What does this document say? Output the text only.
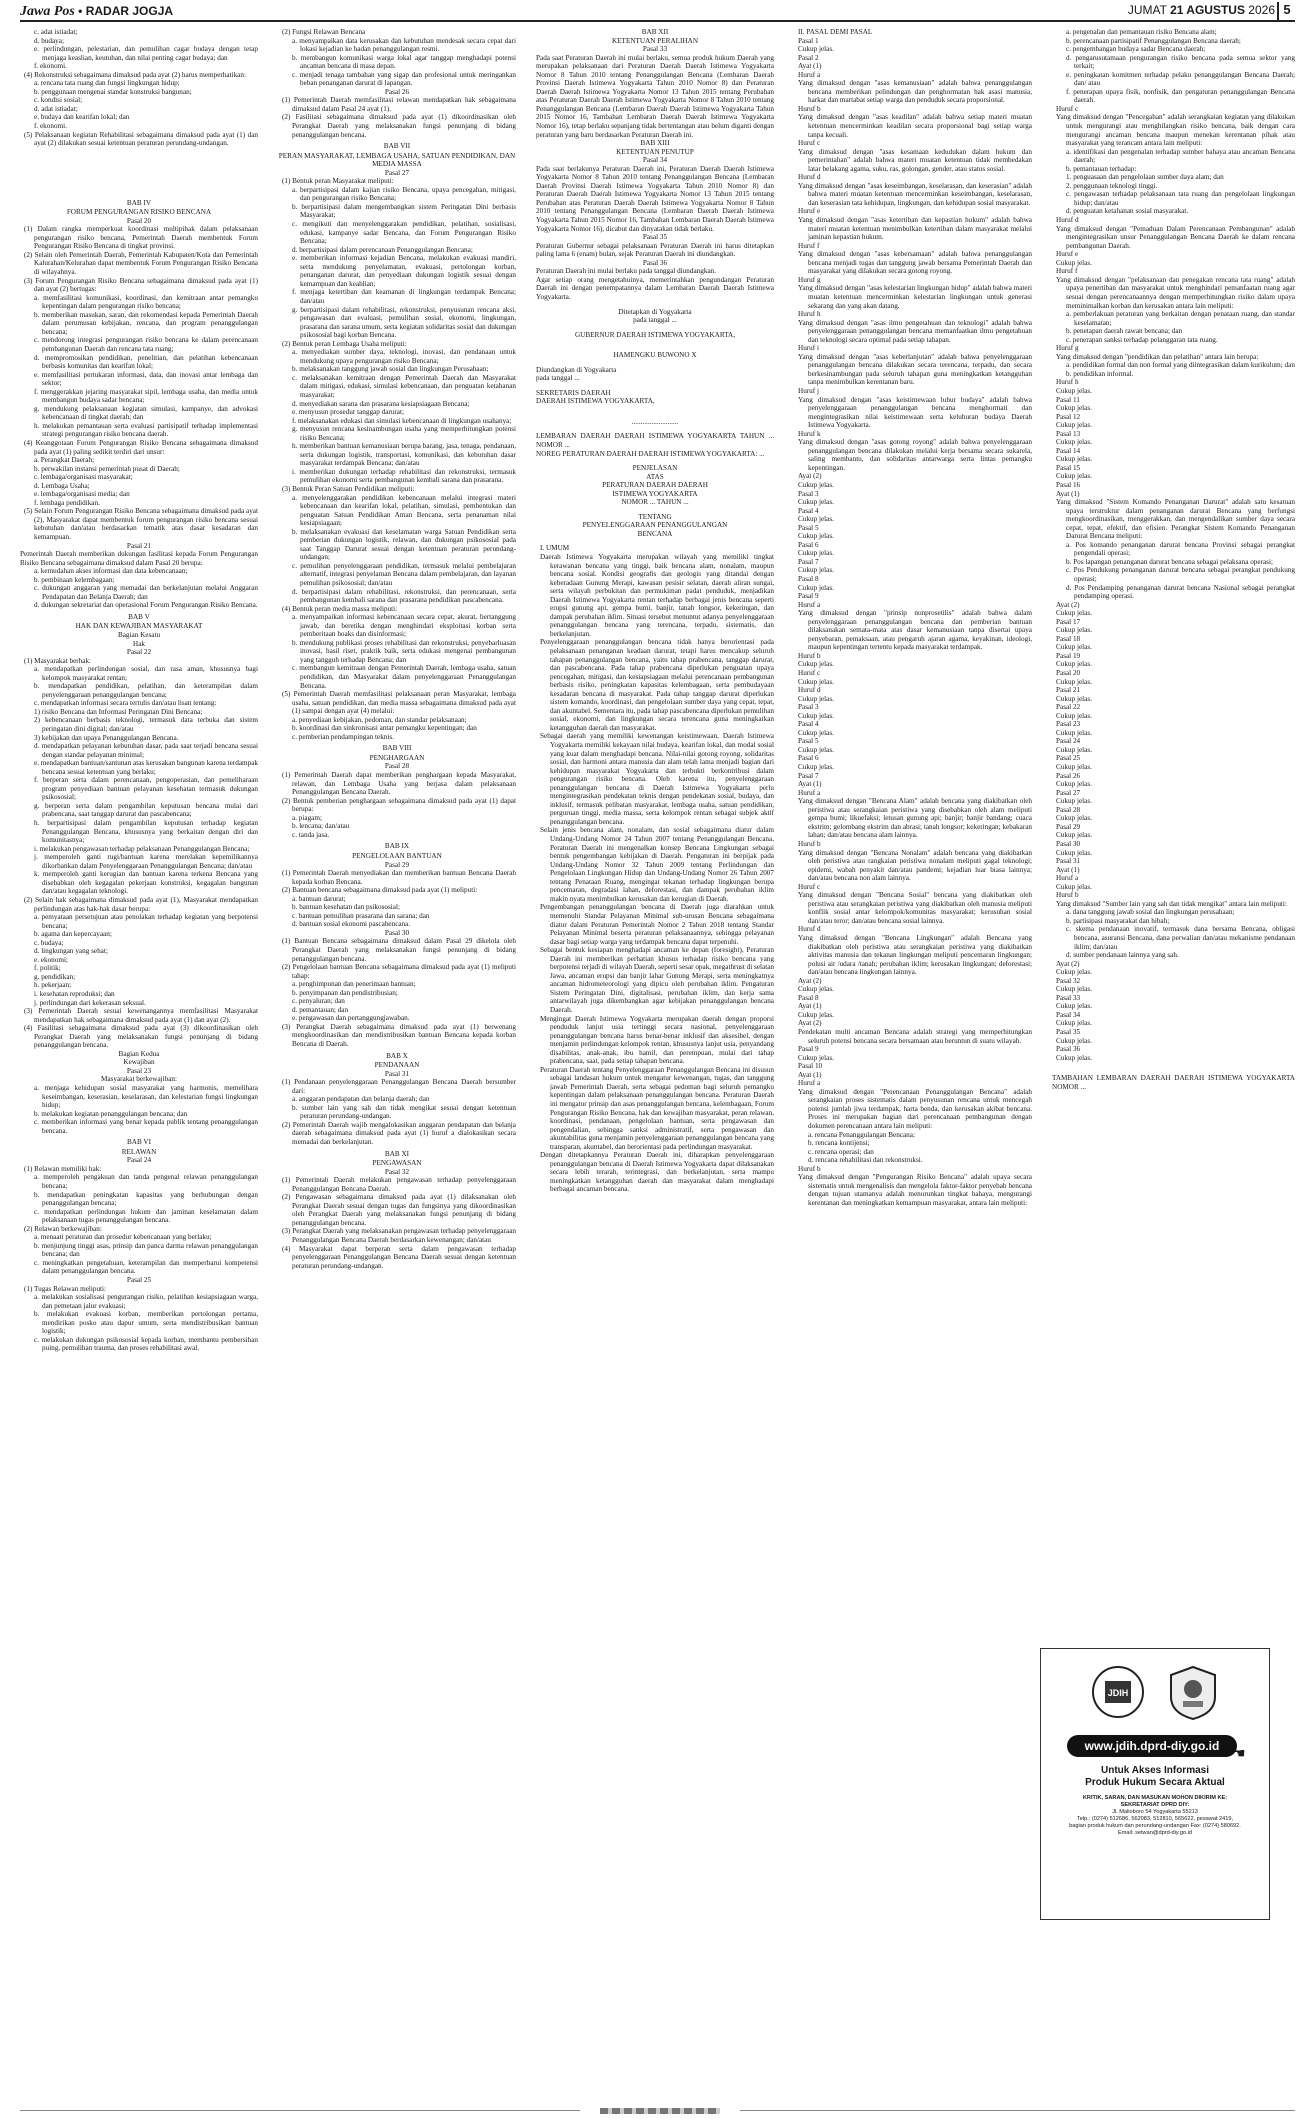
Jawa Pos • RADAR JOGJA	JUMAT 21 AGUSTUS 2026 5

c. adat istiadat;

d. budaya;

e. perlindungan, pelestarian, dan pemulihan cagar budaya dengan tetap menjaga keaslian, keutuhan, dan nilai penting cagar budaya; dan

f. ekonomi.

(4) Rekonstruksi sebagaimana dimaksud pada ayat (2) harus memperhatikan:

a. rencana tata ruang dan fungsi lingkungan hidup;

b. penggunaan mengenai standar konstruksi bangunan;

c. kondisi sosial;

d. adat istiadat;

e. budaya dan kearifan lokal; dan

f. ekonomi.

(5) Pelaksanaan kegiatan Rehabilitasi sebagaimana dimaksud pada ayat (1) dan ayat (2) dilakukan sesuai ketentuan peraturan perundang-undangan.

BAB IV

FORUM PENGURANGAN RISIKO BENCANA

Pasal 20

(1) Dalam rangka memperkuat koordinasi multipihak dalam pelaksanaan pengurangan risiko bencana, Pemerintah Daerah membentuk Forum Pengurangan Risiko Bencana di tingkat provinsi.

(2) Selain oleh Pemerintah Daerah, Pemerintah Kabupaten/Kota dan Pemerintah Kalurahan/Kelurahan dapat membentuk Forum Pengurangan Risiko Bencana di wilayahnya.

(3) Forum Pengurangan Risiko Bencana sebagaimana dimaksud pada ayat (1) dan ayat (2) bertugas:

a. memfasilitasi komunikasi, koordinasi, dan kemitraan antar pemangku kepentingan dalam pengurangan risiko bencana;

b. memberikan masukan, saran, dan rekomendasi kepada Pemerintah Daerah dalam perumusan kebijakan, rencana, dan program penanggulangan bencana;

c. mendorong integrasi pengurangan risiko bencana ke dalam perencanaan pembangunan Daerah dan rencana tata ruang;

d. mempromosikan pendidikan, penelitian, dan pelatihan kebencanaan berbasis komunitas dan kearifan lokal;

e. memfasilitasi pertukaran informasi, data, dan inovasi antar lembaga dan sektor;

f. menggerakkan jejaring masyarakat sipil, lembaga usaha, dan media untuk membangun budaya sadar bencana;

g. mendukung pelaksanaan kegiatan simulasi, kampanye, dan advokasi kebencanaan di tingkat daerah; dan

h. melakukan pemantauan serta evaluasi partisipatif terhadap implementasi strategi pengurangan risiko bencana daerah.

(4) Keanggotaan Forum Pengurangan Risiko Bencana sebagaimana dimaksud pada ayat (1) paling sedikit terdiri dari unsur:

a. Perangkat Daerah;

b. perwakilan instansi pemerintah pusat di Daerah;

c. lembaga/organisasi masyarakat;

d. Lembaga Usaha;

e. lembaga/organisasi media; dan

f. lembaga pendidikan.

(5) Selain Forum Pengurangan Risiko Bencana sebagaimana dimaksud pada ayat (2), Masyarakat dapat membentuk forum pengurangan risiko bencana sesuai kebutuhan dan/atau berdasarkan tematik atas dasar kesadaran dan kemampuan.

Pasal 21

Pemerintah Daerah memberikan dukungan fasilitasi kepada Forum Pengurangan Risiko Bencana sebagaimana dimaksud dalam Pasal 20 berupa:

a. kemudahan akses informasi dan data kebencanaan;

b. pembinaan kelembagaan;

c. dukungan anggaran yang memadai dan berkelanjutan melalui Anggaran Pendapatan dan Belanja Daerah; dan

d. dukungan sekretariat dan operasional Forum Pengurangan Risiko Bencana.

BAB V

HAK DAN KEWAJIBAN MASYARAKAT

Bagian Kesatu

Hak

Pasal 22

(1) Masyarakat berhak:

a. mendapatkan perlindungan sosial, dan rasa aman, khususnya bagi kelompok masyarakat rentan;

b. mendapatkan pendidikan, pelatihan, dan keterampilan dalam penyelenggaraan penanggulangan bencana;

c. mendapatkan informasi secara tertulis dan/atau lisan tentang:

1) risiko Bencana dan Informasi Peringatan Dini Bencana;

2) kebencanaan berbasis teknologi, termasuk data terbuka dan sistem peringatan dini digital; dan/atau

3) kebijakan dan upaya Penanggulangan Bencana.

d. mendapatkan pelayanan kebutuhan dasar, pada saat terjadi bencana sesuai dengan standar pelayanan minimal;

e. mendapatkan bantuan/santunan atas kerusakan bangunan karena terdampak bencana sesuai ketentuan yang berlaku;

f. berperan serta dalam perencanaan, pengoperasian, dan pemeliharaan program penyediaan bantuan pelayanan kesehatan termasuk dukungan psikososial;

g. berperan serta dalam pengambilan keputusan bencana mulai dari prabencana, saat tanggap darurat dan pascabencana;

h. berpartisipasi dalam pengambilan keputusan terhadap kegiatan Penanggulangan Bencana, khususnya yang berkaitan dengan diri dan komunitasnya;

i. melakukan pengawasan terhadap pelaksanaan Penanggulangan Bencana;

j. memperoleh ganti rugi/bantuan karena merelakan kepemilikannya dikorbankan dalam Penyelenggaraan Penanggulangan Bencana; dan/atau

k. memperoleh ganti kerugian dan bantuan karena terkena Bencana yang disebabkan oleh kegagalan pekerjaan konstruksi, kegagalan bangunan dan/atau kegagalan teknologi.

(2) Selain hak sebagaimana dimaksud pada ayat (1), Masyarakat mendapatkan perlindungan atas hak-hak dasar berupa:

a. pemyataan persetujuan atau penolakan terhadap kegiatan yang berpotensi bencana;

b. agama dan kepercayaan;

c. budaya;

d. lingkungan yang sehat;

e. ekonomi;

f. politik;

g. pendidikan;

h. pekerjaan;

i. kesehatan reproduksi; dan

j. perlindungan dari kekerasan seksual.

(3) Pemerintah Daerah sesuai kewenangannya memfasilitasi Masyarakat mendapatkan hak sebagaimana dimaksud pada ayat (1) dan ayat (2).

(4) Fasilitasi sebagaimana dimaksud pada ayat (3) dikoordinasikan oleh Perangkat Daerah yang melaksanakan fungsi penunjang di bidang penanggulangan bencana.

Bagian Kedua

Kewajiban

Pasal 23

Masyarakat berkewajiban:

a. menjaga kehidupan sosial masyarakat yang harmonis, memelihara keseimbangan, keserasian, keselarasan, dan kelestarian fungsi lingkungan hidup;

b. melakukan kegiatan penanggulangan bencana; dan

c. memberikan informasi yang benar kepada publik tentang penanggulangan bencana.

BAB VI

RELAWAN

Pasal 24

(1) Relawan memiliki hak:

a. memperoleh pengakuan dan tanda pengenal relawan penanggulangan bencana;

b. mendapatkan peningkatan kapasitas yang berhubungan dengan penanggulangan bencana;

c. mendapatkan perlindungan hukum dan jaminan keselamatan dalam pelaksanaan tugas penanggulangan bencana.

(2) Relawan berkewajiban:

a. menaati peraturan dan prosedur kebencanaan yang berlaku;

b. menjunjung tinggi asas, prinsip dan panca darma relawan penanggulangan bencana; dan

c. meningkatkan pengetahuan, keterampilan dan memperbarui kompetensi dalam penanggulangan bencana.

Pasal 25

(1) Tugas Relawan meliputi:

a. melakukan sosialisasi pengurangan risiko, pelatihan kesiapsiagaan warga, dan pemetaan jalur evakuasi;

b. melakukan evakuasi korban, memberikan pertolongan pertama, mendirikan posko atau dapur umum, serta mendistribusikan bantuan logistik;

c. melakukan dukungan psikososial kepada korban, membantu pembersihan puing, pemulihan trauma, dan proses rehabilitasi awal.

(2) Fungsi Relawan Bencana

a. menyampaikan data kerusakan dan kebutuhan mendesak secara cepat dari lokasi kejadian ke badan penanggulangan resmi.

b. membangun komunikasi warga lokal agar tanggap menghadapi potensi ancaman bencana di masa depan.

c. menjadi tenaga tambahan yang sigap dan profesional untuk meringankan beban penanganan darurat di lapangan.

Pasal 26

(1) Pemerintah Daerah memfasilitasi relawan mendapatkan hak sebagaimana dimaksud dalam Pasal 24 ayat (1).

(2) Fasilitasi sebagaimana dimaksud pada ayat (1) dikoordinasikan oleh Perangkat Daerah yang melaksanakan fungsi penunjang di bidang penanggulangan bencana.

BAB VII

PERAN MASYARAKAT, LEMBAGA USAHA, SATUAN PENDIDIKAN, DAN MEDIA MASSA

Pasal 27

(1) Bentuk peran Masyarakat meliputi:

a. berpartisipasi dalam kajian risiko Bencana, upaya pencegahan, mitigasi, dan pengurangan risiko Bencana;

b. berpartisipasi dalam mengembangkan sistem Peringatan Dini berbasis Masyarakat;

c. mengikuti dan menyelenggarakan pendidikan, pelatihan, sosialisasi, edukasi, kampanye sadar Bencana, dan Forum Pengurangan Risiko Bencana;

d. berpartisipasi dalam perencanaan Penanggulangan Bencana;

e. memberikan informasi kejadian Bencana, melakukan evakuasi mandiri, serta mendukung penyelamatan, evakuasi, pertolongan korban, penanganan darurat, dan penyediaan dukungan logistik sesuai dengan kemampuan dan keahlian;

f. menjaga ketertiban dan keamanan di lingkungan terdampak Bencana; dan/atau

g. berpartisipasi dalam rehabilitasi, rekonstruksi, penyusunan rencana aksi, pengawasan dan evaluasi, pemulihan sosial, ekonomi, lingkungan, prasarana dan sarana umum, serta kegiatan solidaritas sosial dan dukungan psikososial bagi korban Bencana.

(2) Bentuk peran Lembaga Usaha meliputi:

a. menyediakan sumber daya, teknologi, inovasi, dan pendanaan untuk mendukung upaya pengurangan risiko Bencana;

b. melaksanakan tanggung jawab sosial dan lingkungan Perusahaan;

c. melaksanakan kemitraan dengan Pemerintah Daerah dan Masyarakat dalam mitigasi, edukasi, simulasi kebencanaan, dan penguatan ketahanan masyarakat;

d. menyediakan sarana dan prasarana kesiapsiagaan Bencana;

e. menyusun prosedur tanggap darurat;

f. melaksanakan edukasi dan simulasi kebencanaan di lingkungan usahanya;

g. menyusun rencana kesinambungan usaha yang memperhitungkan potensi risiko Bencana;

h. memberikan bantuan kemanusiaan berupa barang, jasa, tenaga, pendanaan, serta dukungan logistik, transportasi, komunikasi, dan kebutuhan dasar masyarakat terdampak Bencana; dan/atau

i. memberikan dukungan terhadap rehabilitasi dan rekonstruksi, termasuk pemulihan ekonomi serta pembangunan kembali sarana dan prasarana.

(3) Bentuk Peran Satuan Pendidikan meliputi:

a. menyelenggarakan pendidikan kebencanaan melalui integrasi materi kebencanaan dan kearifan lokal, pelatihan, simulasi, pembentukan dan penguatan Satuan Pendidikan Aman Bencana, serta penanaman nilai kesiapsiagaan;

b. melaksanakan evakuasi dan keselamatan warga Satuan Pendidikan serta pemberian dukungan logistik, relawan, dan dukungan psikososial pada saat Tanggap Darurat sesuai dengan ketentuan peraturan perundang-undangan;

c. pemulihan penyelenggaraan pendidikan, termasuk melalui pembelajaran alternatif, integrasi penyelaman Bencana dalam pembelajaran, dan layanan pemulihan psikososial; dan/atau

d. berpartisipasi dalam rehabilitasi, rekonstruksi, dan perencanaan, serta pembangunan kembali sarana dan prasarana pendidikan pascabencana.

(4) Bentuk peran media massa meliputi:

a. menyampaikan informasi kebencanaan secara cepat, akurat, bertanggung jawab, dan beretika dengan menghindari eksploitasi korban serta pemberitaan hoaks dan disinformasi;

b. mendukung publikasi proses rehabilitasi dan rekonstruksi, penyebarluasan inovasi, hasil riset, praktik baik, serta edukasi mengenai pembangunan yang tangguh terhadap Bencana; dan

c. membangun kemitraan dengan Pemerintah Daerah, lembaga usaha, satuan pendidikan, dan Masyarakat dalam penyelenggaraan Penanggulangan Bencana.

(5) Pemerintah Daerah memfasilitasi pelaksanaan peran Masyarakat, lembaga usaha, satuan pendidikan, dan media massa sebagaimana dimaksud pada ayat (1) sampai dengan ayat (4) melalui:

a. penyediaan kebijakan, pedoman, dan standar pelaksanaan;

b. koordinasi dan sinkronisasi antar pemangku kepentingan; dan

c. pemberian pendampingan teknis.

BAB VIII

PENGHARGAAN

Pasal 28

(1) Pemerintah Daerah dapat memberikan penghargaan kepada Masyarakat, relawan, dan Lembaga Usaha yang berjasa dalam pelaksanaan Penanggulangan Bencana Daerah.

(2) Bentuk pemberian penghargaan sebagaimana dimaksud pada ayat (1) dapat berupa:

a. piagam;

b. lencana; dan/atau

c. tanda jasa.

BAB IX

PENGELOLAAN BANTUAN

Pasal 29

(1) Pemerintah Daerah menyediakan dan memberikan bantuan Bencana Daerah kepada korban Bencana.

(2) Bantuan bencana sebagaimana dimaksud pada ayat (1) meliputi:

a. bantuan darurat;

b. bantuan kesehatan dan psikososial;

c. bantuan pemulihan prasarana dan sarana; dan

d. bantuan sosial ekonomi pascabencana.

Pasal 30

(1) Bantuan Bencana sebagaimana dimaksud dalam Pasal 29 dikelola oleh Perangkat Daerah yang melaksanakan fungsi penunjang di bidang penanggulangan bencana.

(2) Pengelolaan bantuan Bencana sebagaimana dimaksud pada ayat (1) meliputi tahap:

a. penghimpunan dan penerimaan bantuan;

b. penyimpanan dan pendistribusian;

c. penyaluran; dan

d. pemantauan; dan

e. pengawasan dan pertanggungjawaban.

(3) Perangkat Daerah sebagaimana dimaksud pada ayat (1) berwenang mengkoordinasikan dan mendistribusikan bantuan Bencana kepada korban Bencana di Daerah.

BAB X

PENDANAAN

Pasal 31

(1) Pendanaan penyelenggaraan Penanggulangan Bencana Daerah bersumber dari:

a. anggaran pendapatan dan belanja daerah; dan

b. sumber lain yang sah dan tidak mengikat sesuai dengan ketentuan peraturan perundang-undangan.

(2) Pemerintah Daerah wajib mengalokasikan anggaran pendapatan dan belanja daerah sebagaimana dimaksud pada ayat (1) huruf a dialokasikan secara memadai dan berkelanjutan.

BAB XI

PENGAWASAN

Pasal 32

(1) Pemerintah Daerah melakukan pengawasan terhadap penyelenggaraan Penanggulangan Bencana Daerah.

(2) Pengawasan sebagaimana dimaksud pada ayat (1) dilaksanakan oleh Perangkat Daerah sesuai dengan tugas dan fungsinya yang dikoordinasikan oleh Perangkat Daerah yang melaksanakan fungsi penunjang di bidang penanggulangan bencana.

(3) Perangkat Daerah yang melaksanakan pengawasan terhadap penyelenggaraan Penanggulangan Bencana Daerah berdasarkan kewenangan; dan/atau

(4) Masyarakat dapat berperan serta dalam pengawasan terhadap penyelenggaraan Penanggulangan Bencana Daerah sesuai dengan ketentuan peraturan perundang-undangan.

BAB XII

KETENTUAN PERALIHAN

Pasal 33

Pada saat Peraturan Daerah ini mulai berlaku, semua produk hukum Daerah yang merupakan pelaksanaan dari Peraturan Daerah Daerah Istimewa Yogyakarta Nomor 8 Tahun 2010 tentang Penanggulangan Bencana (Lembaran Daerah Provinsi Daerah Istimewa Yogyakarta Tahun 2010 Nomor 8) dan Peraturan Daerah Daerah Istimewa Yogyakarta Nomor 13 Tahun 2015 tentang Perubahan atas Peraturan Daerah Daerah Istimewa Yogyakarta Nomor 8 Tahun 2010 tentang Penanggulangan Bencana (Lembaran Daerah Daerah Istimewa Yogyakarta Tahun 2015 Nomor 16, Tambahan Lembaran Daerah Daerah Istimewa Yogyakarta Nomor 16), tetap berlaku sepanjang tidak bertentangan atau belum diganti dengan peraturan yang baru berdasarkan Peraturan Daerah ini.

BAB XIII

KETENTUAN PENUTUP

Pasal 34

Pada saat berlakunya Peraturan Daerah ini, Peraturan Daerah Daerah Istimewa Yogyakarta Nomor 8 Tahun 2010 tentang Penanggulangan Bencana (Lembaran Daerah Provinsi Daerah Istimewa Yogyakarta Tahun 2010 Nomor 8) dan Peraturan Daerah Daerah Istimewa Yogyakarta Nomor 13 Tahun 2015 tentang Perubahan atas Peraturan Daerah Daerah Istimewa Yogyakarta Nomor 8 Tahun 2010 tentang Penanggulangan Bencana (Lembaran Daerah Daerah Istimewa Yogyakarta Tahun 2015 Nomor 16, Tambahan Lembaran Daerah Daerah Istimewa Yogyakarta Nomor 16), dicabut dan dinyatakan tidak berlaku.

Pasal 35

Peraturan Gubernur sebagai pelaksanaan Peraturan Daerah ini harus ditetapkan paling lama 6 (enam) bulan, sejak Peraturan Daerah ini diundangkan.

Pasal 36

Peraturan Daerah ini mulai berlaku pada tanggal diundangkan.

Agar setiap orang mengetahuinya, memerintahkan pengundangan Peraturan Daerah ini dengan penempatannya dalam Lembaran Daerah Daerah Istimewa Yogyakarta.

Ditetapkan di Yogyakarta

pada tanggal ...

GUBERNUR DAERAH ISTIMEWA YOGYAKARTA,

HAMENGKU BUWONO X

Diundangkan di Yogyakarta

pada tanggal ...

SEKRETARIS DAERAH

DAERAH ISTIMEWA YOGYAKARTA,

..........................

LEMBARAN DAERAH DAERAH ISTIMEWA YOGYAKARTA TAHUN ... NOMOR ...

NOREG PERATURAN DAERAH DAERAH ISTIMEWA YOGYAKARTA: ...

PENJELASAN

ATAS

PERATURAN DAERAH DAERAH

ISTIMEWA YOGYAKARTA

NOMOR ... TAHUN ...

TENTANG

PENYELENGGARAAN PENANGGULANGAN

BENCANA

I. UMUM

Daerah Istimewa Yogyakarta merupakan wilayah yang memiliki tingkat kerawanan bencana yang tinggi, baik bencana alam, nonalam, maupun bencana sosial. Kondisi geografis dan geologis yang ditandai dengan keberadaan Gunung Merapi, kawasan pesisir selatan, daerah aliran sungai, serta wilayah perbukitan dan permukiman padat penduduk, menjadikan Daerah Istimewa Yogyakarta rentan terhadap berbagai jenis bencana seperti erupsi gunung api, gempa bumi, banjir, tanah longsor, kekeringan, dan dampak perubahan iklim. Situasi tersebut menuntut adanya penyelenggaraan penanggulangan bencana yang terencana, terpadu, sistematis, dan berkelanjutan.

Penyelenggaraan penanggulangan bencana tidak hanya berorientasi pada pelaksanaan penanganan keadaan darurat, tetapi harus mencakup seluruh tahapan penanggulangan bencana, yaitu tahap prabencana, tanggap darurat, dan pascabencana. Pada tahap prabencana diperlukan penguatan upaya pencegahan, mitigasi, dan kesiapsiagaan melalui perencanaan pembangunan berbasis risiko, peningkatan kapasitas kelembagaan, serta pembudayaan kesadaran bencana di masyarakat. Pada tahap tanggap darurat diperlukan sistem komando, koordinasi, dan pengelolaan sumber daya yang cepat, tepat, dan akuntabel. Sementara itu, pada tahap pascabencana diperlukan pemulihan sosial, ekonomi, dan lingkungan secara terencana guna meningkatkan ketangguhan daerah dan masyarakat.

Sebagai daerah yang memiliki kewenangan keistimewaan, Daerah Istimewa Yogyakarta memiliki kekayaan nilai budaya, kearifan lokal, dan modal sosial yang kuat dalam menghadapi bencana. Nilai-nilai gotong royong, solidaritas sosial, dan harmoni antara manusia dan alam telah lama menjadi bagian dari kehidupan masyarakat Yogyakarta dan terbukti berkontribusi dalam pengurangan risiko bencana. Oleh karena itu, penyelenggaraan penanggulangan bencana di Daerah Istimewa Yogyakarta perlu mengintegrasikan pendekatan teknis dengan pendekatan sosial, budaya, dan inklusif, termasuk pelibatan masyarakat, lembaga usaha, satuan pendidikan, perguruan tinggi, media massa, serta kelompok rentan sebagai subjek aktif penanggulangan bencana.

Selain jenis bencana alam, nonalam, dan sosial sebagaimana diatur dalam Undang-Undang Nomor 24 Tahun 2007 tentang Penanggulangan Bencana, Peraturan Daerah ini mengenalkan konsep Bencana Lingkungan sebagai bentuk pengembangan kebijakan di Daerah. Pengaturan ini berpijak pada Undang-Undang Nomor 32 Tahun 2009 tentang Perlindungan dan Pengelolaan Lingkungan Hidup dan Undang-Undang Nomor 26 Tahun 2007 tentang Penataan Ruang, mengingat tekanan terhadap lingkungan berupa pencemaran, degradasi lahan, deforestasi, dan dampak perubahan iklim makin nyata menimbulkan kerusakan dan kerugian di Daerah.

Pengembangan penanggulangan bencana di Daerah juga diarahkan untuk memenuhi Standar Pelayanan Minimal sub-urusan Bencana sebagaimana diatur dalam Peraturan Pemerintah Nomor 2 Tahun 2018 tentang Standar Pelayanan Minimal beserta peraturan pelaksanaannya, sehingga pelayanan dasar bagi setiap warga yang terdampak bencana dapat terpenuhi.

Sebagai bentuk kesiapan menghadapi ancaman ke depan (foresight), Peraturan Daerah ini memberikan perhatian khusus terhadap risiko bencana yang berpotensi terjadi di wilayah Daerah, seperti sesar opak, megathrust di selatan Jawa, ancaman erupsi dan banjir lahar Gunung Merapi, serta meningkatnya ancaman hidrometeorologi yang dipicu oleh perubahan iklim. Pengaturan Sistem Peringatan Dini, digitalisasi, perubahan iklim, dan kerja sama antarwilayah juga dikembangkan agar kebijakan penanggulangan bencana Daerah.

Mengingat Daerah Istimewa Yogyakarta merupakan daerah dengan proporsi penduduk lanjut usia tertinggi secara nasional, penyelenggaraan penanggulangan bencana harus benar-benar inklusif dan aksesibel, dengan menjamin perlindungan kelompok rentan, khususnya lanjut usia, penyandang disabilitas, anak-anak, ibu hamil, dan perempuan, mulai dari tahap prabencana, saat, pada setiap tahapan bencana.

Peraturan Daerah tentang Penyelenggaraan Penanggulangan Bencana ini disusun sebagai landasan hukum untuk mengatur kewenangan, tugas, dan tanggung jawab Pemerintah Daerah, serta sebagai pedoman bagi seluruh pemangku kepentingan dalam pelaksanaan penanggulangan bencana. Peraturan Daerah ini mengatur prinsip dan asas penanggulangan bencana, kelembagaan, Forum Pengurangan Risiko Bencana, hak dan kewajiban masyarakat, peran relawan, koordinasi, pendanaan, pengelolaan bantuan, serta pengawasan dan pengendalian, sehingga sanksi administratif, serta pengawasan dan akuntabilitas guna menjamin penyelenggaraan penanggulangan bencana yang transparan, akuntabel, dan berorientasi pada perlindungan masyarakat.

Dengan ditetapkannya Peraturan Daerah ini, diharapkan penyelenggaraan penanggulangan bencana di Daerah Istimewa Yogyakarta dapat dilaksanakan secara lebih terarah, terintegrasi, dan berkelanjutan, serta mampu meningkatkan ketangguhan daerah dan masyarakat dalam menghadapi berbagai ancaman bencana.

II. PASAL DEMI PASAL

Pasal 1

Cukup jelas.

Pasal 2

Ayat (1)

Huruf a

Yang dimaksud dengan "asas kemanusiaan" adalah bahwa penanggulangan bencana memberikan pelindungan dan penghormatan hak asasi manusia, harkat dan martabat setiap warga dan penduduk secara proporsional.

Huruf b

Yang dimaksud dengan "asas keadilan" adalah bahwa setiap materi muatan ketentuan mencerminkan keadilan secara proporsional bagi setiap warga tanpa kecuali.

Huruf c

Yang dimaksud dengan "asas kesamaan kedudukan dalam hukum dan pemerintahan" adalah bahwa materi muatan ketentuan tidak membedakan latar belakang agama, suku, ras, golongan, gender, atau status sosial.

Huruf d

Yang dimaksud dengan "asas keseimbangan, keselarasan, dan keserasian" adalah bahwa materi muatan ketentuan mencerminkan keseimbangan, keselarasan, dan keserasian tata kehidupan, lingkungan, dan kehidupan sosial masyarakat.

Huruf e

Yang dimaksud dengan "asas ketertiban dan kepastian hukum" adalah bahwa materi muatan ketentuan menimbulkan ketertiban dalam masyarakat melalui jaminan kepastian hukum.

Huruf f

Yang dimaksud dengan "asas kebersamaan" adalah bahwa penanggulangan bencana menjadi tugas dan tanggung jawab bersama Pemerintah Daerah dan masyarakat yang dilakukan secara gotong royong.

Huruf g

Yang dimaksud dengan "asas kelestarian lingkungan hidup" adalah bahwa materi muatan ketentuan mencerminkan kelestarian lingkungan untuk generasi sekarang dan yang akan datang.

Huruf h

Yang dimaksud dengan "asas ilmu pengetahuan dan teknologi" adalah bahwa penyelenggaraan penanggulangan bencana memanfaatkan ilmu pengetahuan dan teknologi secara optimal pada setiap tahapan.

Huruf i

Yang dimaksud dengan "asas keberlanjutan" adalah bahwa penyelenggaraan penanggulangan bencana dilakukan secara terencana, terpadu, dan secara berkesinambungan pada seluruh tahapan guna meningkatkan ketangguhan tanpa menimbulkan kerentanan baru.

Huruf j

Yang dimaksud dengan "asas keistimewaan luhur budaya" adalah bahwa penyelenggaraan penanggulangan bencana menghormati dan mengintegrasikan nilai keistimewaan serta keluhuran budaya Daerah Istimewa Yogyakarta.

Huruf k

Yang dimaksud dengan "asas gotong royong" adalah bahwa penyelenggaraan penanggulangan bencana dilakukan melalui kerja bersama secara sukarela, saling membantu, dan solidaritas antarwarga serta lintas pemangku kepentingan.

Ayat (2)

Cukup jelas.

Pasal 3

Cukup jelas.

Pasal 4

Cukup jelas.

Pasal 5

Cukup jelas.

Pasal 6

Cukup jelas.

Pasal 7

Cukup jelas.

Pasal 8

Cukup jelas.

Pasal 9

Huruf a

Yang dimaksud dengan "prinsip nonprosetilis" adalah bahwa dalam penyelenggaraan penanggulangan bencana dan pemberian bantuan dilaksanakan semata-mata atas dasar kemanusiaan tanpa disertai upaya penyebaran, pemaksaan, atau pengaruh ajaran agama, keyakinan, ideologi, maupun kepentingan tertentu kepada masyarakat terdampak.

Huruf b

Cukup jelas.

Huruf c

Cukup jelas.

Huruf d

Cukup jelas.

Pasal 3

Cukup jelas.

Pasal 4

Cukup jelas.

Pasal 5

Cukup jelas.

Pasal 6

Cukup jelas.

Pasal 7

Ayat (1)

Huruf a

Yang dimaksud dengan "Bencana Alam" adalah bencana yang diakibatkan oleh peristiwa atau serangkaian peristiwa yang disebabkan oleh alam meliputi gempa bumi; likuefaksi; letusan gunung api; banjir; banjir bandang; cuaca ekstrim; gelombang ekstrim dan abrasi; tanah longsor; kekeringan; kebakaran lahan; dan/atau bencana alam lainnya.

Huruf b

Yang dimaksud dengan "Bencana Nonalam" adalah bencana yang diakibatkan oleh peristiwa atau rangkaian peristiwa nonalam meliputi gagal teknologi; epidemi, wabah penyakit dan/atau pandemi; kejadian luar biasa lainnya; dan/atau bencana non alam lainnya.

Huruf c

Yang dimaksud dengan "Bencana Sosial" bencana yang diakibatkan oleh peristiwa atau serangkaian peristiwa yang diakibatkan oleh manusia meliputi konflik sosial antar kelompok/komunitas masyarakat; kerusuhan sosial dan/atau teror; dan/atau bencana sosial lainnya.

Huruf d

Yang dimaksud dengan "Bencana Lingkungan" adalah Bencana yang diakibatkan oleh peristiwa atau serangkaian peristiwa yang diakibatkan aktivitas manusia dan tekanan lingkungan meliputi pencemaran lingkungan; polusi air /udara /tanah; perubahan iklim; kerusakan lingkungan; deforestasi; dan/atau bencana lingkungan lainnya.

Ayat (2)

Cukup jelas.

Pasal 8

Ayat (1)

Cukup jelas.

Ayat (2)

Pendekatan multi ancaman Bencana adalah strategi yang memperhitungkan seluruh potensi bencana secara bersamaan atau beruntun di suatu wilayah.

Pasal 9

Cukup jelas.

Pasal 10

Ayat (1)

Huruf a

Yang dimaksud dengan "Perencanaan Penanggulangan Bencana" adalah serangkaian proses sistematis dalam penyusunan rencana untuk mencegah potensi jumlah jiwa terdampak, harta benda, dan kerusakan akibat bencana. Proses ini merupakan bagian dari perencanaan pembangunan dengan dokumen perencanaan antara lain meliputi:

a. rencana Penanggulangan Bencana;

b. rencana kontijensi;

c. rencana operasi; dan

d. rencana rehabilitasi dan rekonstruksi.

Huruf b

Yang dimaksud dengan "Pengurangan Risiko Bencana" adalah upaya secara sistematis untuk mengenalisis dan mengelola faktor-faktor penyebab bencana dengan tujuan utamanya adalah menurunkan tingkat bahaya, mengurangi kerentanan dan meningkatkan kemampuan masyarakat, antara lain meliputi:

a. pengenalan dan pemantauan risiko Bencana alam;

b. perencanaan partisipatif Penanggulangan Bencana daerah;

c. pengembangan budaya sadar Bencana daerah;

d. pengarusutamaan pengurangan risiko bencana pada semua sektor yang terkait;

e. peningkatan komitmen terhadap pelaku penanggulangan Bencana Daerah; dan/ atau

f. penerapan upaya fisik, nonfisik, dan pengaturan penanggulangan Bencana daerah.

Huruf c

Yang dimaksud dengan "Pencegahan" adalah serangkaian kegiatan yang dilakukan untuk mengurangi atau menghilangkan risiko bencana, baik dengan cara mengurangi ancaman bencana maupun menekan kerentanan pihak atau masyarakat yang terancam antara lain meliputi:

a. identifikasi dan pengenalan terhadap sumber bahaya atau ancaman Bencana daerah;

b. pemantauan terhadap:

1. penguasaan dan pengelolaan sumber daya alam; dan

2. penggunaan teknologi tinggi.

c. pengawasan terhadap pelaksanaan tata ruang dan pengelolaan lingkungan hidup; dan/atau

d. penguatan ketahanan sosial masyarakat.

Huruf d

Yang dimaksud dengan "Pemaduan Dalam Perencanaan Pembangunan" adalah mengintegrasikan unsur Penanggulangan Bencana Daerah ke dalam rencana pembangunan Daerah.

Huruf e

Cukup jelas.

Huruf f

Yang dimaksud dengan "pelaksanaan dan penegakan rencana tata ruang" adalah upaya penertiban dan masyarakat untuk menghindari pemanfaatan ruang agar sesuai dengan perencanaannya dengan memperhitungkan risiko dalam upaya meminimalkan korban dan kerusakan antara lain meliputi:

a. pemberlakuan peraturan yang berkaitan dengan penataan ruang, dan standar keselamatan;

b. penetapan daerah rawan bencana; dan

c. penerapan sanksi terhadap pelanggaran tata ruang.

Huruf g

Yang dimaksud dengan "pendidikan dan pelatihan" antara lain berupa:

a. pendidikan formal dan non formal yang diintegrasikan dalam kurikulum; dan

b. pendidikan informal.

Huruf h

Cukup jelas.

Pasal 11

Cukup jelas.

Pasal 12

Cukup jelas.

Pasal 13

Cukup jelas.

Pasal 14

Cukup jelas.

Pasal 15

Cukup jelas.

Pasal 16

Ayat (1)

Yang dimaksud "Sistem Komando Penanganan Darurat" adalah satu kesatuan upaya terstruktur dalam penanganan darurat Bencana yang berfungsi mengkoordinasikan, menggerakkan, dan mengendalikan sumber daya secara cepat, tepat, efektif, dan efisien. Perangkat Sistem Komando Penanganan Darurat Bencana meliputi:

a. Pos komando penanganan darurat bencana Provinsi sebagai perangkat pengendali operasi;

b. Pos lapangan penanganan darurat bencana sebagai pelaksana operasi;

c. Pos Pendukung penanganan darurat bencana sebagai perangkat pendukung operasi;

d. Pos Pendamping penanganan darurat bencana Nasional sebagai perangkat pendamping operasi.

Ayat (2)

Cukup jelas.

Pasal 17

Cukup jelas.

Pasal 18

Cukup jelas.

Pasal 19

Cukup jelas.

Pasal 20

Cukup jelas.

Pasal 21

Cukup jelas.

Pasal 22

Cukup jelas.

Pasal 23

Cukup jelas.

Pasal 24

Cukup jelas.

Pasal 25

Cukup jelas.

Pasal 26

Cukup jelas.

Pasal 27

Cukup jelas.

Pasal 28

Cukup jelas.

Pasal 29

Cukup jelas.

Pasal 30

Cukup jelas.

Pasal 31

Ayat (1)

Huruf a

Cukup jelas.

Huruf b

Yang dimaksud "Sumber lain yang sah dan tidak mengikat" antara lain meliputi:

a. dana tanggung jawab sosial dan lingkungan perusahaan;

b. partisipasi masyarakat dan hibah;

c. skema pendanaan inovatif, termasuk dana bersama Bencana, obligasi bencana, asuransi Bencana, dana perwalian dan/atau mekanisme pendanaan iklim; dan/atau

d. sumber pendanaan lainnya yang sah.

Ayat (2)

Cukup jelas.

Pasal 32

Cukup jelas.

Pasal 33

Cukup jelas.

Pasal 34

Cukup jelas.

Pasal 35

Cukup jelas.

Pasal 36

Cukup jelas.

TAMBAHAN LEMBARAN DAERAH DAERAH ISTIMEWA YOGYAKARTA NOMOR ...

JDIH
www.jdih.dprd-diy.go.id ☚
Untuk Akses Informasi
Produk Hukum Secara Aktual

KRITIK, SARAN, DAN MASUKAN MOHON DIKIRIM KE:

SEKRETARIAT DPRD DIY:

Jl. Malioboro 54 Yogyakarta 55213

Telp.: (0274) 512686, 562083, 512810, 565622, pesawat 2419,

bagian produk hukum dan perundang-undangan Fax: (0274) 580692.

Email: setwan@dprd-diy.go.id
